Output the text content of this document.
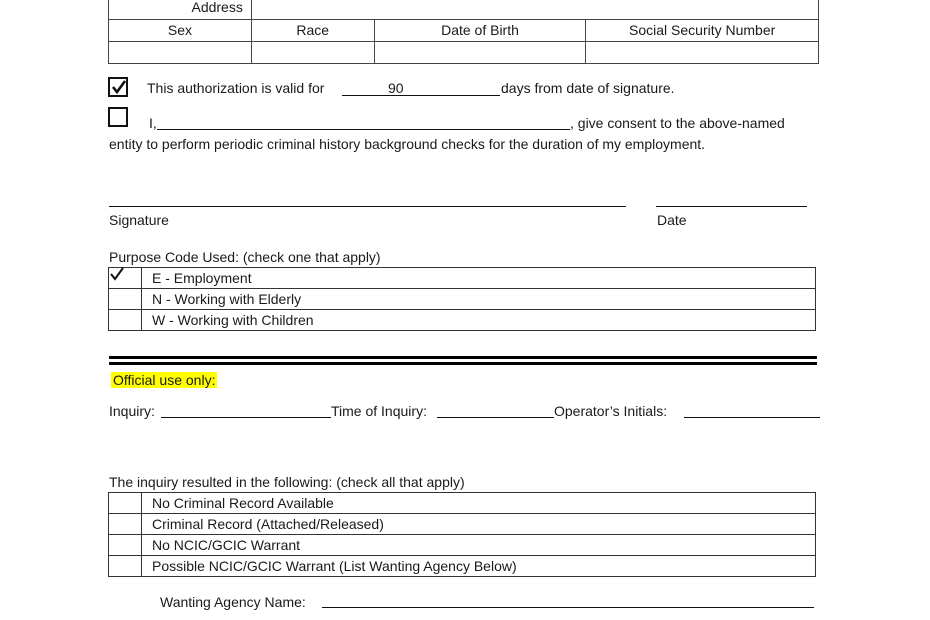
Address			
Sex	Race	Date of Birth	Social Security Number

This authorization is valid for	90	days from date of signature.
I,	, give consent to the above-named
entity to perform periodic criminal history background checks for the duration of my employment.
Signature	Date
Purpose Code Used: (check one that apply)
	E - Employment
	N - Working with Elderly
	W - Working with Children
Official use only:
Inquiry:	Time of Inquiry:	Operator’s Initials:
The inquiry resulted in the following: (check all that apply)
	No Criminal Record Available
	Criminal Record (Attached/Released)
	No NCIC/GCIC Warrant
	Possible NCIC/GCIC Warrant (List Wanting Agency Below)
Wanting Agency Name:
